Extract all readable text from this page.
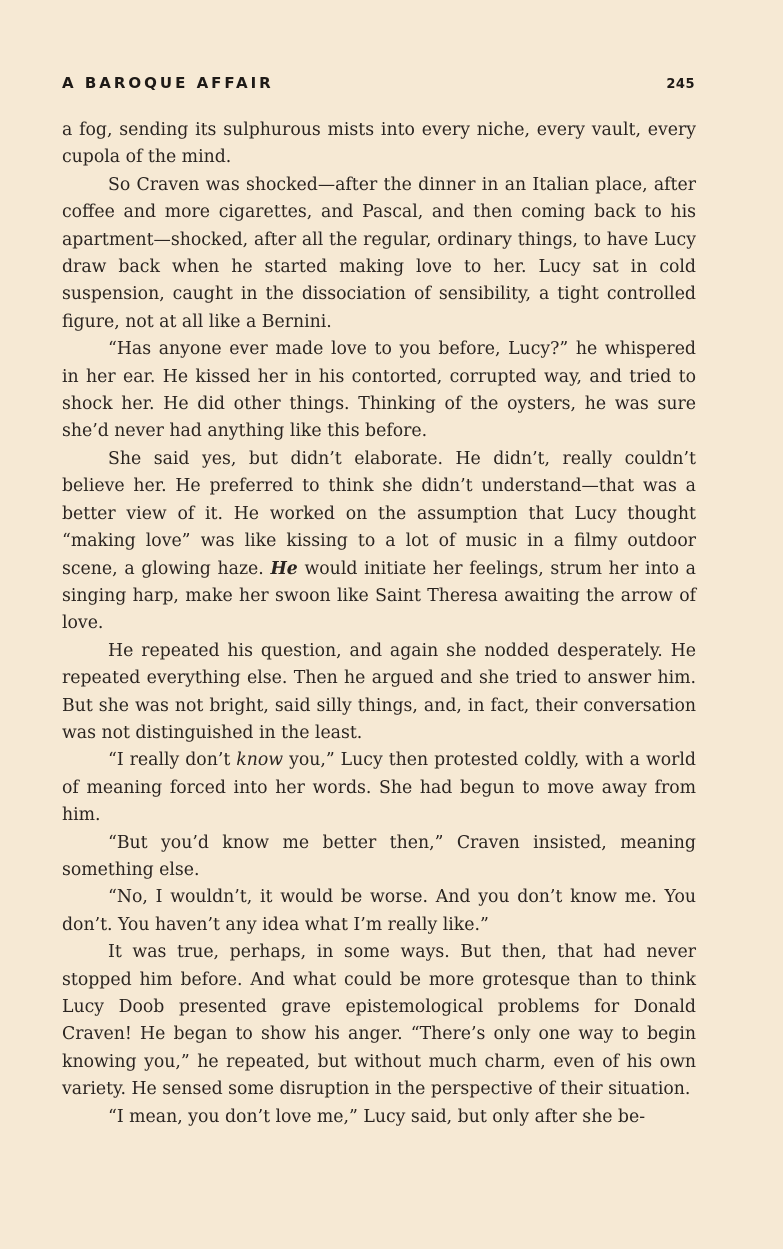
A BAROQUE AFFAIR	245

a fog, sending its sulphurous mists into every niche, every vault, every cupola of the mind.

So Craven was shocked—after the dinner in an Italian place, after coffee and more cigarettes, and Pascal, and then coming back to his apartment—shocked, after all the regular, ordinary things, to have Lucy draw back when he started making love to her. Lucy sat in cold suspension, caught in the dissociation of sensibility, a tight controlled figure, not at all like a Bernini.

“Has anyone ever made love to you before, Lucy?” he whispered in her ear. He kissed her in his contorted, corrupted way, and tried to shock her. He did other things. Thinking of the oysters, he was sure she’d never had anything like this before.

She said yes, but didn’t elaborate. He didn’t, really couldn’t believe her. He preferred to think she didn’t understand—that was a better view of it. He worked on the assumption that Lucy thought “making love” was like kissing to a lot of music in a filmy outdoor scene, a glowing haze. He would initiate her feelings, strum her into a singing harp, make her swoon like Saint Theresa awaiting the arrow of love.

He repeated his question, and again she nodded desperately. He repeated everything else. Then he argued and she tried to answer him. But she was not bright, said silly things, and, in fact, their conversation was not distinguished in the least.

“I really don’t know you,” Lucy then protested coldly, with a world of meaning forced into her words. She had begun to move away from him.

“But you’d know me better then,” Craven insisted, meaning something else.

“No, I wouldn’t, it would be worse. And you don’t know me. You don’t. You haven’t any idea what I’m really like.”

It was true, perhaps, in some ways. But then, that had never stopped him before. And what could be more grotesque than to think Lucy Doob presented grave epistemological problems for Donald Craven! He began to show his anger. “There’s only one way to begin knowing you,” he repeated, but without much charm, even of his own variety. He sensed some disruption in the perspective of their situation.

“I mean, you don’t love me,” Lucy said, but only after she be-
